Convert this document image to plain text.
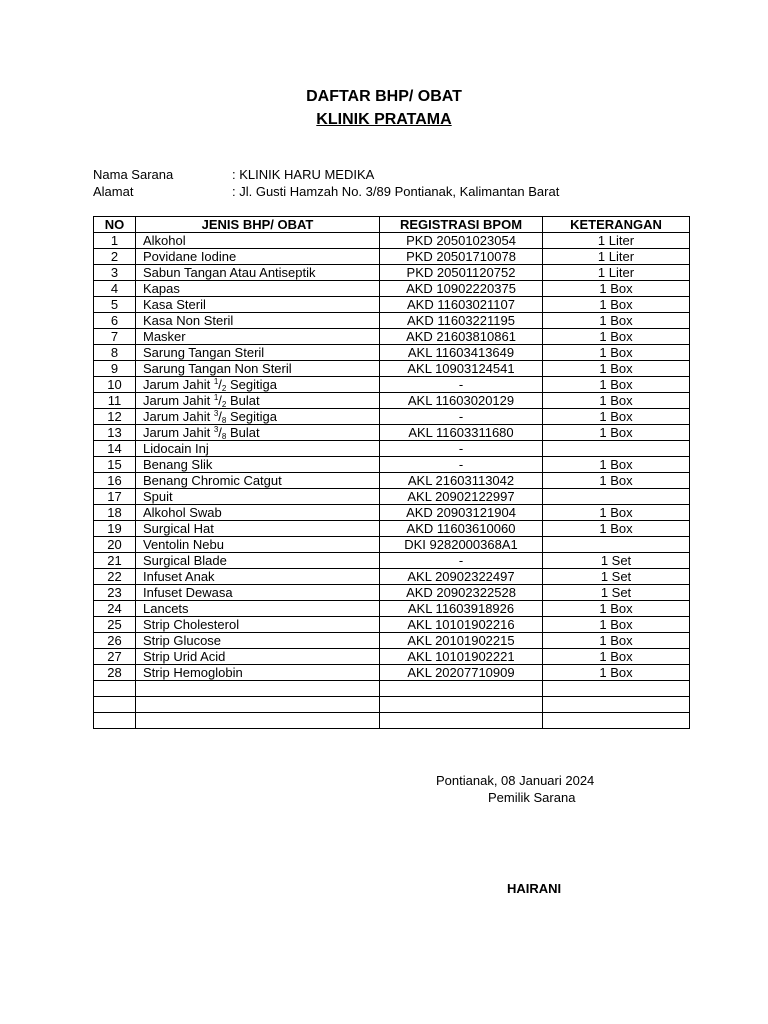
DAFTAR BHP/ OBAT
KLINIK PRATAMA
Nama Sarana	: KLINIK HARU MEDIKA
Alamat	: Jl. Gusti Hamzah No. 3/89 Pontianak, Kalimantan Barat
NO	JENIS BHP/ OBAT	REGISTRASI BPOM	KETERANGAN
1	Alkohol	PKD 20501023054	1 Liter
2	Povidane Iodine	PKD 20501710078	1 Liter
3	Sabun Tangan Atau Antiseptik	PKD 20501120752	1 Liter
4	Kapas	AKD 10902220375	1 Box
5	Kasa Steril	AKD 11603021107	1 Box
6	Kasa Non Steril	AKD 11603221195	1 Box
7	Masker	AKD 21603810861	1 Box
8	Sarung Tangan Steril	AKL 11603413649	1 Box
9	Sarung Tangan Non Steril	AKL 10903124541	1 Box
10	Jarum Jahit $^1/_2$ Segitiga	-	1 Box
11	Jarum Jahit $^1/_2$ Bulat	AKL 11603020129	1 Box
12	Jarum Jahit $^3/_8$ Segitiga	-	1 Box
13	Jarum Jahit $^3/_8$ Bulat	AKL 11603311680	1 Box
14	Lidocain Inj	-	
15	Benang Slik	-	1 Box
16	Benang Chromic Catgut	AKL 21603113042	1 Box
17	Spuit	AKL 20902122997	
18	Alkohol Swab	AKD 20903121904	1 Box
19	Surgical Hat	AKD 11603610060	1 Box
20	Ventolin Nebu	DKI 9282000368A1	
21	Surgical Blade	-	1 Set
22	Infuset Anak	AKL 20902322497	1 Set
23	Infuset Dewasa	AKD 20902322528	1 Set
24	Lancets	AKL 11603918926	1 Box
25	Strip Cholesterol	AKL 10101902216	1 Box
26	Strip Glucose	AKL 20101902215	1 Box
27	Strip Urid Acid	AKL 10101902221	1 Box
28	Strip Hemoglobin	AKL 20207710909	1 Box

Pontianak, 08 Januari 2024
Pemilik Sarana
HAIRANI
